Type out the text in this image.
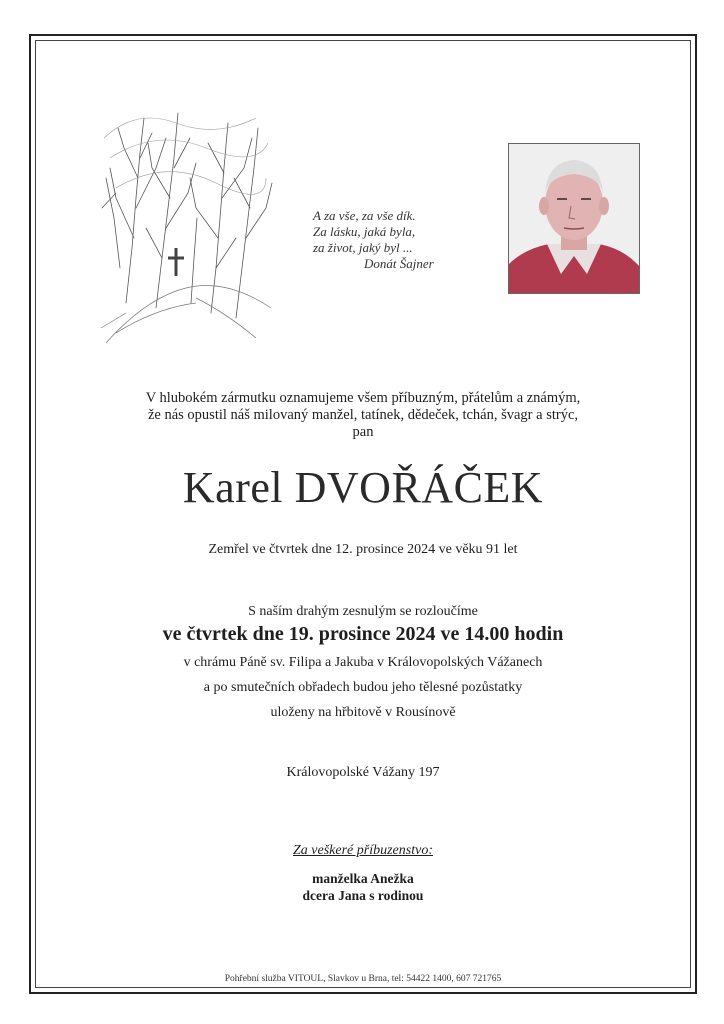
A za vše, za vše dík.
Za lásku, jaká byla,
za život, jaký byl ...
Donát Šajner
V hlubokém zármutku oznamujeme všem příbuzným, přátelům a známým,
že nás opustil náš milovaný manžel, tatínek, dědeček, tchán, švagr a strýc,
pan
Karel DVOŘÁČEK
Zemřel ve čtvrtek dne 12. prosince 2024 ve věku 91 let
S naším drahým zesnulým se rozloučíme
ve čtvrtek dne 19. prosince 2024 ve 14.00 hodin
v chrámu Páně sv. Filipa a Jakuba v Královopolských Vážanech
a po smutečních obřadech budou jeho tělesné pozůstatky
uloženy na hřbitově v Rousínově
Královopolské Vážany 197
Za veškeré příbuzenstvo:
manželka Anežka
dcera Jana s rodinou
Pohřební služba VITOUL, Slavkov u Brna, tel: 54422 1400, 607 721765
